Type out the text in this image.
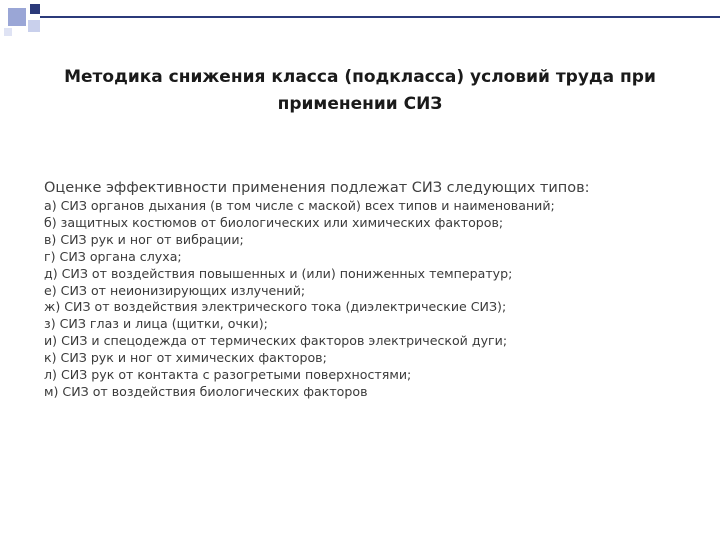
Методика снижения класса (подкласса) условий труда при
применении СИЗ

Оценке эффективности применения подлежат СИЗ следующих типов:

а) СИЗ органов дыхания (в том числе с маской) всех типов и наименований;
б) защитных костюмов от биологических или химических факторов;
в) СИЗ рук и ног от вибрации;
г) СИЗ органа слуха;
д) СИЗ от воздействия повышенных и (или) пониженных температур;
е) СИЗ от неионизирующих излучений;
ж) СИЗ от воздействия электрического тока (диэлектрические СИЗ);
з) СИЗ глаз и лица (щитки, очки);
и) СИЗ и спецодежда от термических факторов электрической дуги;
к) СИЗ рук и ног от химических факторов;
л) СИЗ рук от контакта с разогретыми поверхностями;
м) СИЗ от воздействия биологических факторов
